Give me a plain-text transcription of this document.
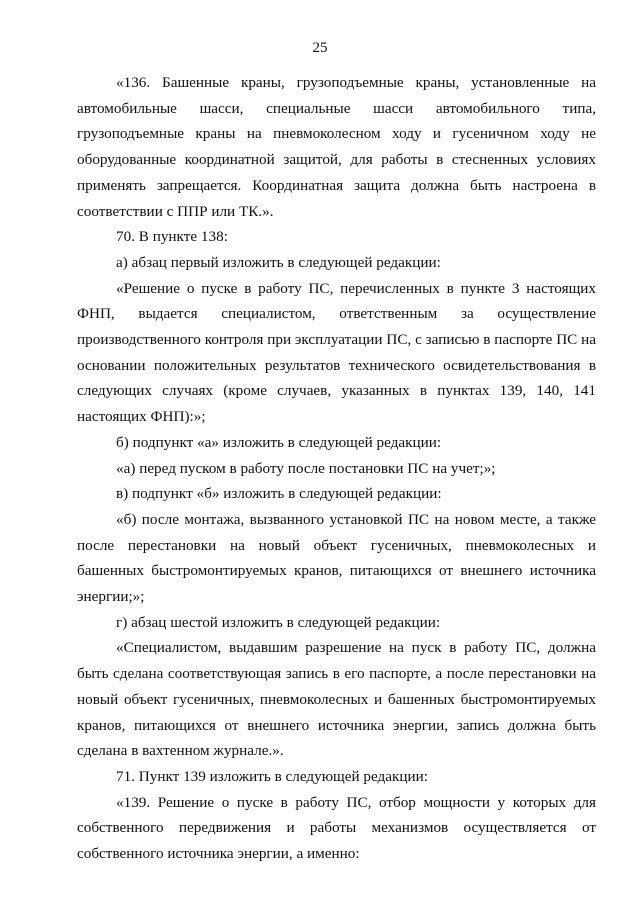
25

«136. Башенные краны, грузоподъемные краны, установленные на автомобильные шасси, специальные шасси автомобильного типа, грузоподъемные краны на пневмоколесном ходу и гусеничном ходу не оборудованные координатной защитой, для работы в стесненных условиях применять запрещается. Координатная защита должна быть настроена в соответствии с ППР или ТК.».

70. В пункте 138:

а) абзац первый изложить в следующей редакции:

«Решение о пуске в работу ПС, перечисленных в пункте 3 настоящих ФНП, выдается специалистом, ответственным за осуществление производственного контроля при эксплуатации ПС, с записью в паспорте ПС на основании положительных результатов технического освидетельствования в следующих случаях (кроме случаев, указанных в пунктах 139, 140, 141 настоящих ФНП):»;

б) подпункт «а» изложить в следующей редакции:

«а) перед пуском в работу после постановки ПС на учет;»;

в) подпункт «б» изложить в следующей редакции:

«б) после монтажа, вызванного установкой ПС на новом месте, а также после перестановки на новый объект гусеничных, пневмоколесных и башенных быстромонтируемых кранов, питающихся от внешнего источника энергии;»;

г) абзац шестой изложить в следующей редакции:

«Специалистом, выдавшим разрешение на пуск в работу ПС, должна быть сделана соответствующая запись в его паспорте, а после перестановки на новый объект гусеничных, пневмоколесных и башенных быстромонтируемых кранов, питающихся от внешнего источника энергии, запись должна быть сделана в вахтенном журнале.».

71. Пункт 139 изложить в следующей редакции:

«139. Решение о пуске в работу ПС, отбор мощности у которых для собственного передвижения и работы механизмов осуществляется от собственного источника энергии, а именно:
